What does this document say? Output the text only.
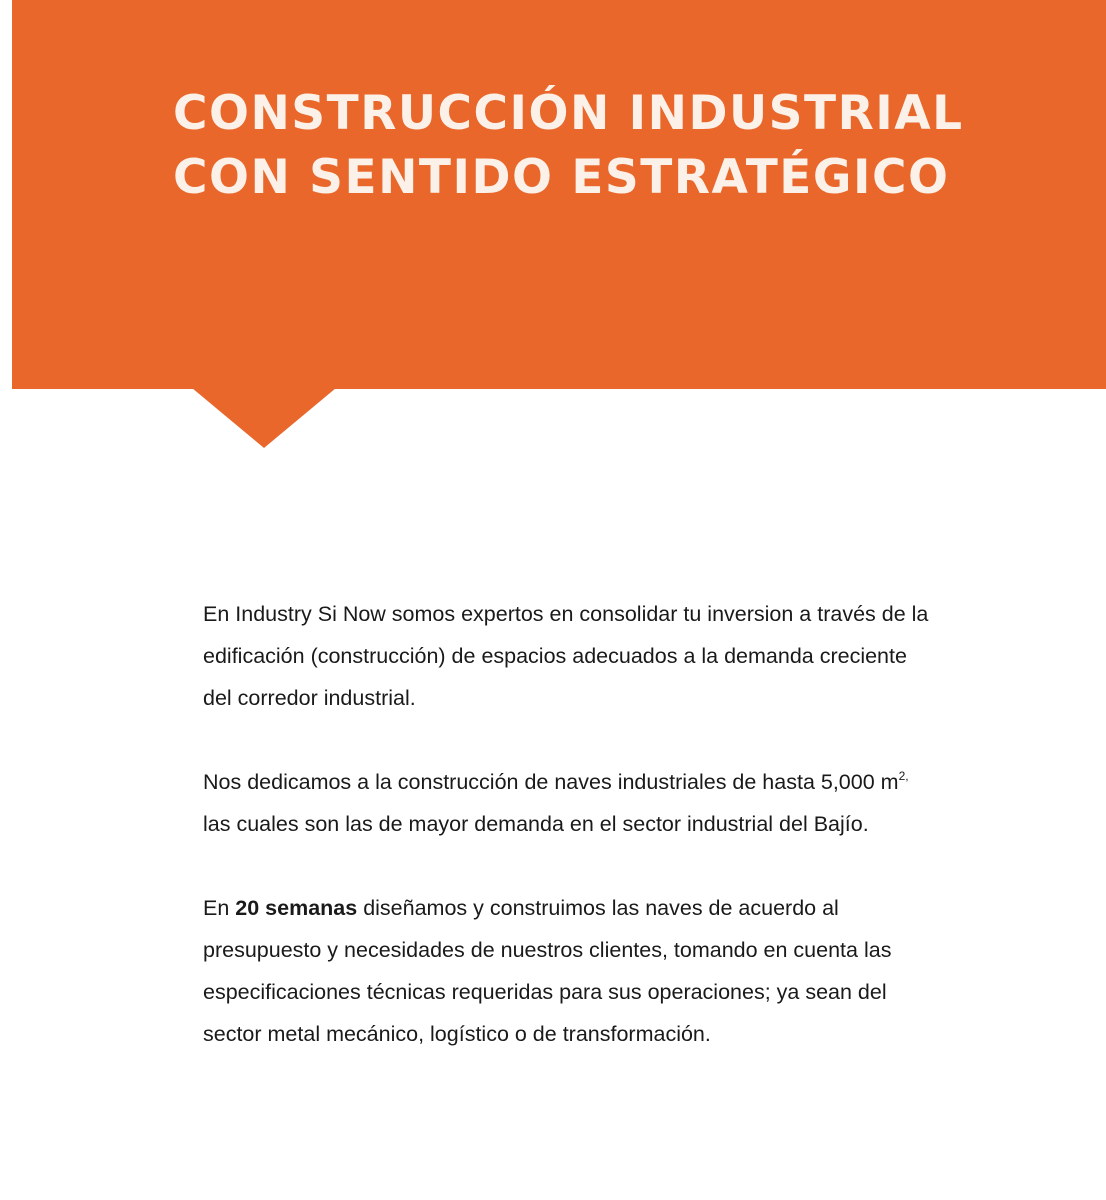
CONSTRUCCIÓN INDUSTRIAL
CON SENTIDO ESTRATÉGICO

En Industry Si Now somos expertos en consolidar tu inversion a través de la
edificación (construcción) de espacios adecuados a la demanda creciente
del corredor industrial.

Nos dedicamos a la construcción de naves industriales de hasta 5,000 $m^{2,}$
las cuales son las de mayor demanda en el sector industrial del Bajío.

En 20 semanas diseñamos y construimos las naves de acuerdo al
presupuesto y necesidades de nuestros clientes, tomando en cuenta las
especificaciones técnicas requeridas para sus operaciones; ya sean del
sector metal mecánico, logístico o de transformación.
